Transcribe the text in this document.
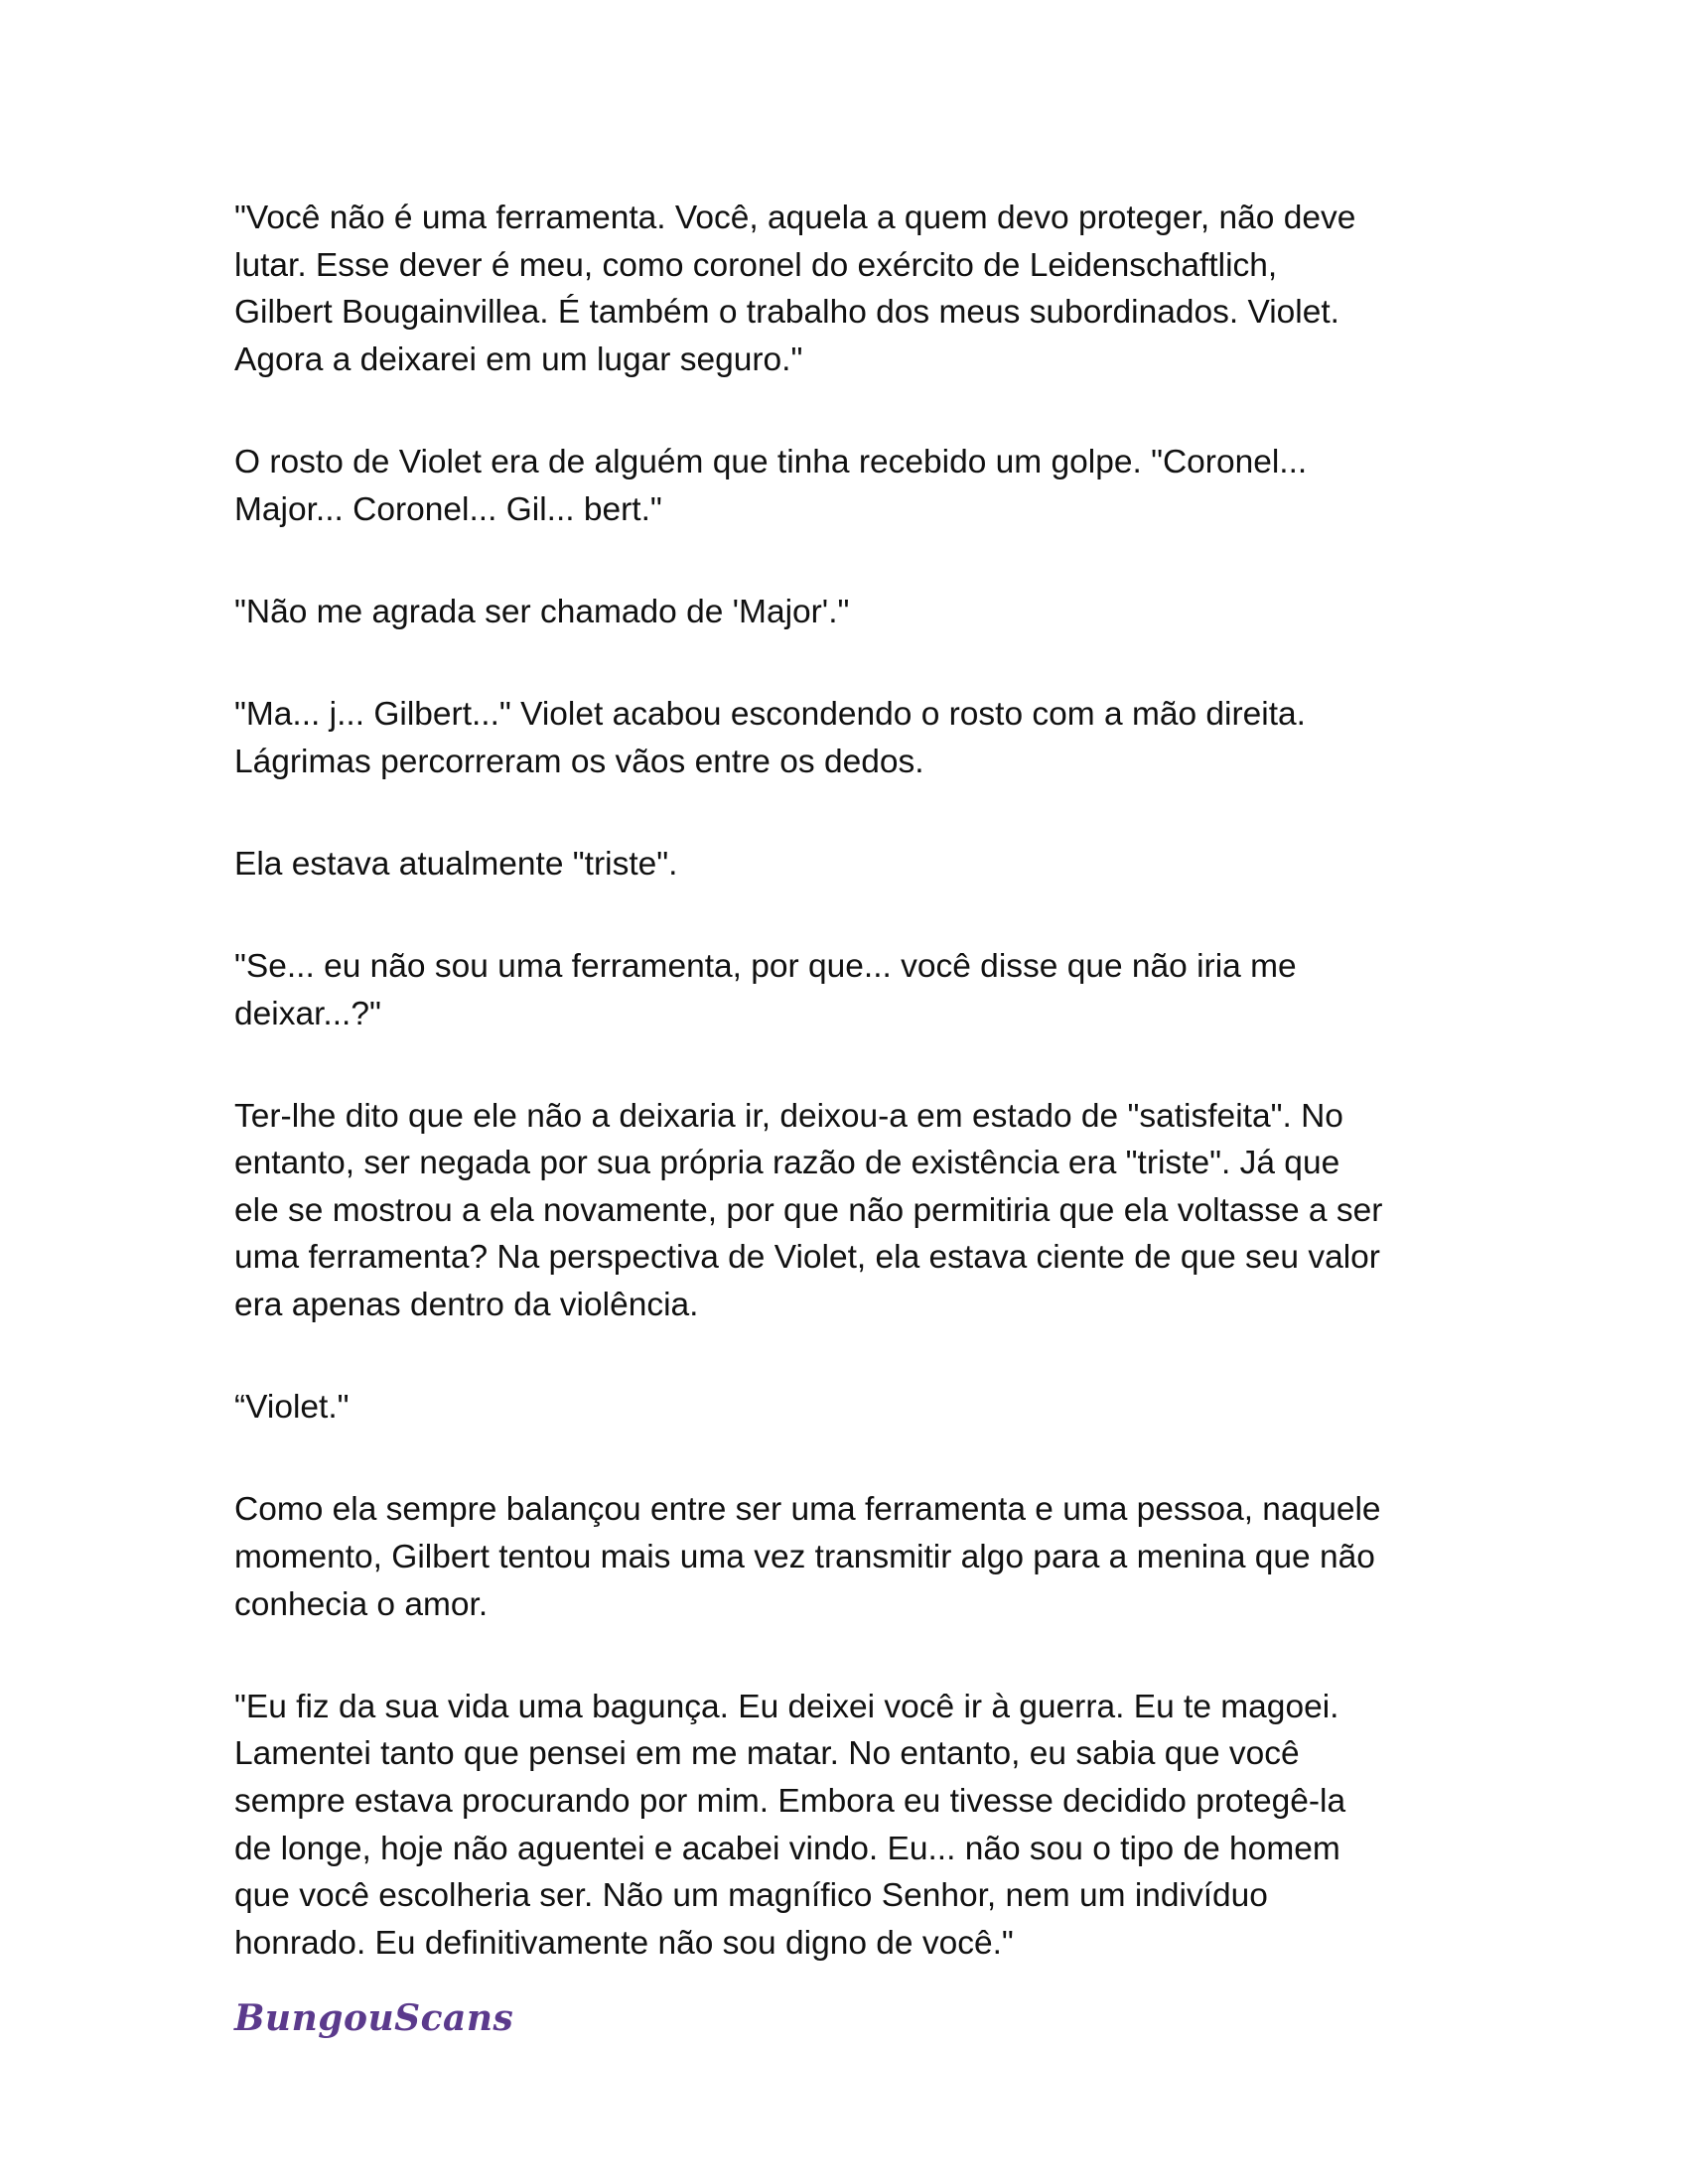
"Você não é uma ferramenta. Você, aquela a quem devo proteger, não deve
lutar. Esse dever é meu, como coronel do exército de Leidenschaftlich,
Gilbert Bougainvillea. É também o trabalho dos meus subordinados. Violet.
Agora a deixarei em um lugar seguro."

O rosto de Violet era de alguém que tinha recebido um golpe. "Coronel...
Major... Coronel... Gil... bert."

"Não me agrada ser chamado de 'Major'."

"Ma... j... Gilbert..." Violet acabou escondendo o rosto com a mão direita.
Lágrimas percorreram os vãos entre os dedos.

Ela estava atualmente "triste".

"Se... eu não sou uma ferramenta, por que... você disse que não iria me
deixar...?"

Ter-lhe dito que ele não a deixaria ir, deixou-a em estado de "satisfeita". No
entanto, ser negada por sua própria razão de existência era "triste". Já que
ele se mostrou a ela novamente, por que não permitiria que ela voltasse a ser
uma ferramenta? Na perspectiva de Violet, ela estava ciente de que seu valor
era apenas dentro da violência.

“Violet."

Como ela sempre balançou entre ser uma ferramenta e uma pessoa, naquele
momento, Gilbert tentou mais uma vez transmitir algo para a menina que não
conhecia o amor.

"Eu fiz da sua vida uma bagunça. Eu deixei você ir à guerra. Eu te magoei.
Lamentei tanto que pensei em me matar. No entanto, eu sabia que você
sempre estava procurando por mim. Embora eu tivesse decidido protegê-la
de longe, hoje não aguentei e acabei vindo. Eu... não sou o tipo de homem
que você escolheria ser. Não um magnífico Senhor, nem um indivíduo
honrado. Eu definitivamente não sou digno de você."

BungouScans
